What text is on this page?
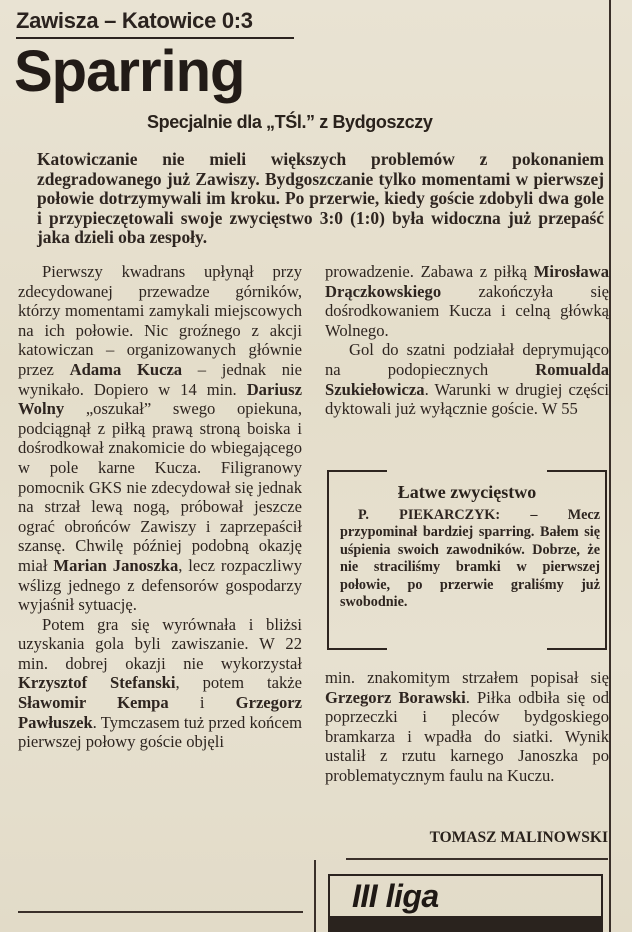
Zawisza – Katowice 0:3
Sparring
Specjalnie dla „TŚl.” z Bydgoszczy

Katowiczanie nie mieli większych problemów z pokonaniem zdegradowanego już Zawiszy. Bydgoszczanie tylko momentami w pierwszej połowie dotrzymywali im kroku. Po przerwie, kiedy goście zdobyli dwa gole i przypieczętowali swoje zwycięstwo 3:0 (1:0) była widoczna już przepaść jaka dzieli oba zespoły.

Pierwszy kwadrans upłynął przy zdecydowanej przewadze górników, którzy momentami zamykali miejscowych na ich połowie. Nic groźnego z akcji katowiczan – organizowanych głównie przez Adama Kucza – jednak nie wynikało. Dopiero w 14 min. Dariusz Wolny „oszukał” swego opiekuna, podciągnął z piłką prawą stroną boiska i dośrodkował znakomicie do wbiegającego w pole karne Kucza. Filigranowy pomocnik GKS nie zdecydował się jednak na strzał lewą nogą, próbował jeszcze ograć obrońców Zawiszy i zaprzepaścił szansę. Chwilę później podobną okazję miał Marian Janoszka, lecz rozpaczliwy wślizg jednego z defensorów gospodarzy wyjaśnił sytuację.

Potem gra się wyrównała i bliżsi uzyskania gola byli zawiszanie. W 22 min. dobrej okazji nie wykorzystał Krzysztof Stefanski, potem także Sławomir Kempa i Grzegorz Pawłuszek. Tymczasem tuż przed końcem pierwszej połowy goście objęli

prowadzenie. Zabawa z piłką Mirosława Drączkowskiego zakończyła się dośrodkowaniem Kucza i celną główką Wolnego.

Gol do szatni podziałał deprymująco na podopiecznych Romualda Szukiełowicza. Warunki w drugiej części dyktowali już wyłącznie goście. W 55

Łatwe zwycięstwo

P. PIEKARCZYK: – Mecz przypominał bardziej sparring. Bałem się uśpienia swoich zawodników. Dobrze, że nie straciliśmy bramki w pierwszej połowie, po przerwie graliśmy już swobodnie.

min. znakomitym strzałem popisał się Grzegorz Borawski. Piłka odbiła się od poprzeczki i pleców bydgoskiego bramkarza i wpadła do siatki. Wynik ustalił z rzutu karnego Janoszka po problematycznym faulu na Kuczu.

TOMASZ MALINOWSKI
III liga
